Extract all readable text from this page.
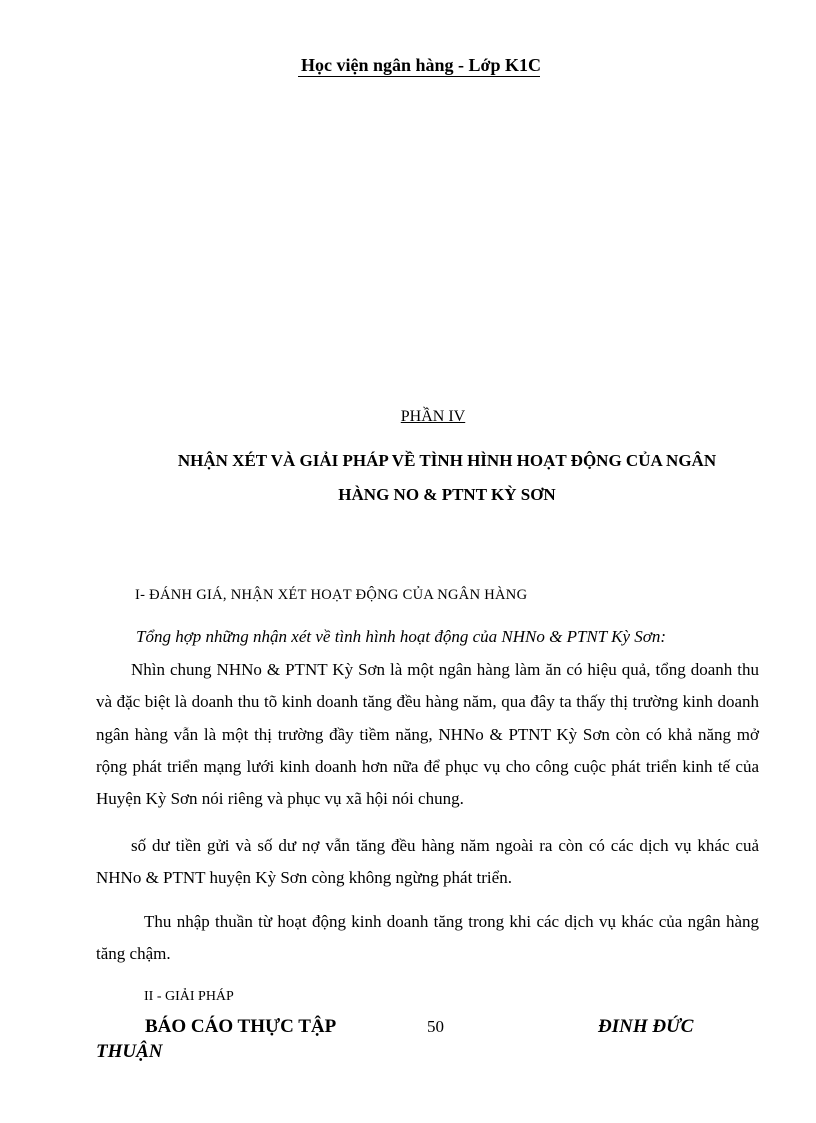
Học viện ngân hàng - Lớp K1C
PHẦN IV
NHẬN XÉT VÀ GIẢI PHÁP VỀ TÌNH HÌNH HOẠT ĐỘNG CỦA NGÂN
HÀNG NO & PTNT KỲ SƠN
I- ĐÁNH GIÁ, NHẬN XÉT HOẠT ĐỘNG CỦA NGÂN HÀNG
Tổng hợp những nhận xét về tình hình hoạt động của NHNo & PTNT Kỳ Sơn:

Nhìn chung NHNo & PTNT Kỳ Sơn là một ngân hàng làm ăn có hiệu quả, tổng doanh thu và đặc biệt là doanh thu tõ kinh doanh tăng đều hàng năm, qua đây ta thấy thị trường kinh doanh ngân hàng vẫn là một thị trường đầy tiềm năng, NHNo & PTNT Kỳ Sơn còn có khả năng mở rộng phát triển mạng lưới kinh doanh hơn nữa để phục vụ cho công cuộc phát triển kinh tế của Huyện Kỳ Sơn nói riêng và phục vụ xã hội nói chung.

số dư tiền gửi và số dư nợ vẫn tăng đều hàng năm ngoài ra còn có các dịch vụ khác cuả NHNo & PTNT huyện Kỳ Sơn còng không ngừng phát triển.

Thu nhập thuần từ hoạt động kinh doanh tăng trong khi các dịch vụ khác của ngân hàng tăng chậm.

II - GIẢI PHÁP
BÁO CÁO THỰC TẬP	50	ĐINH ĐỨC
THUẬN
